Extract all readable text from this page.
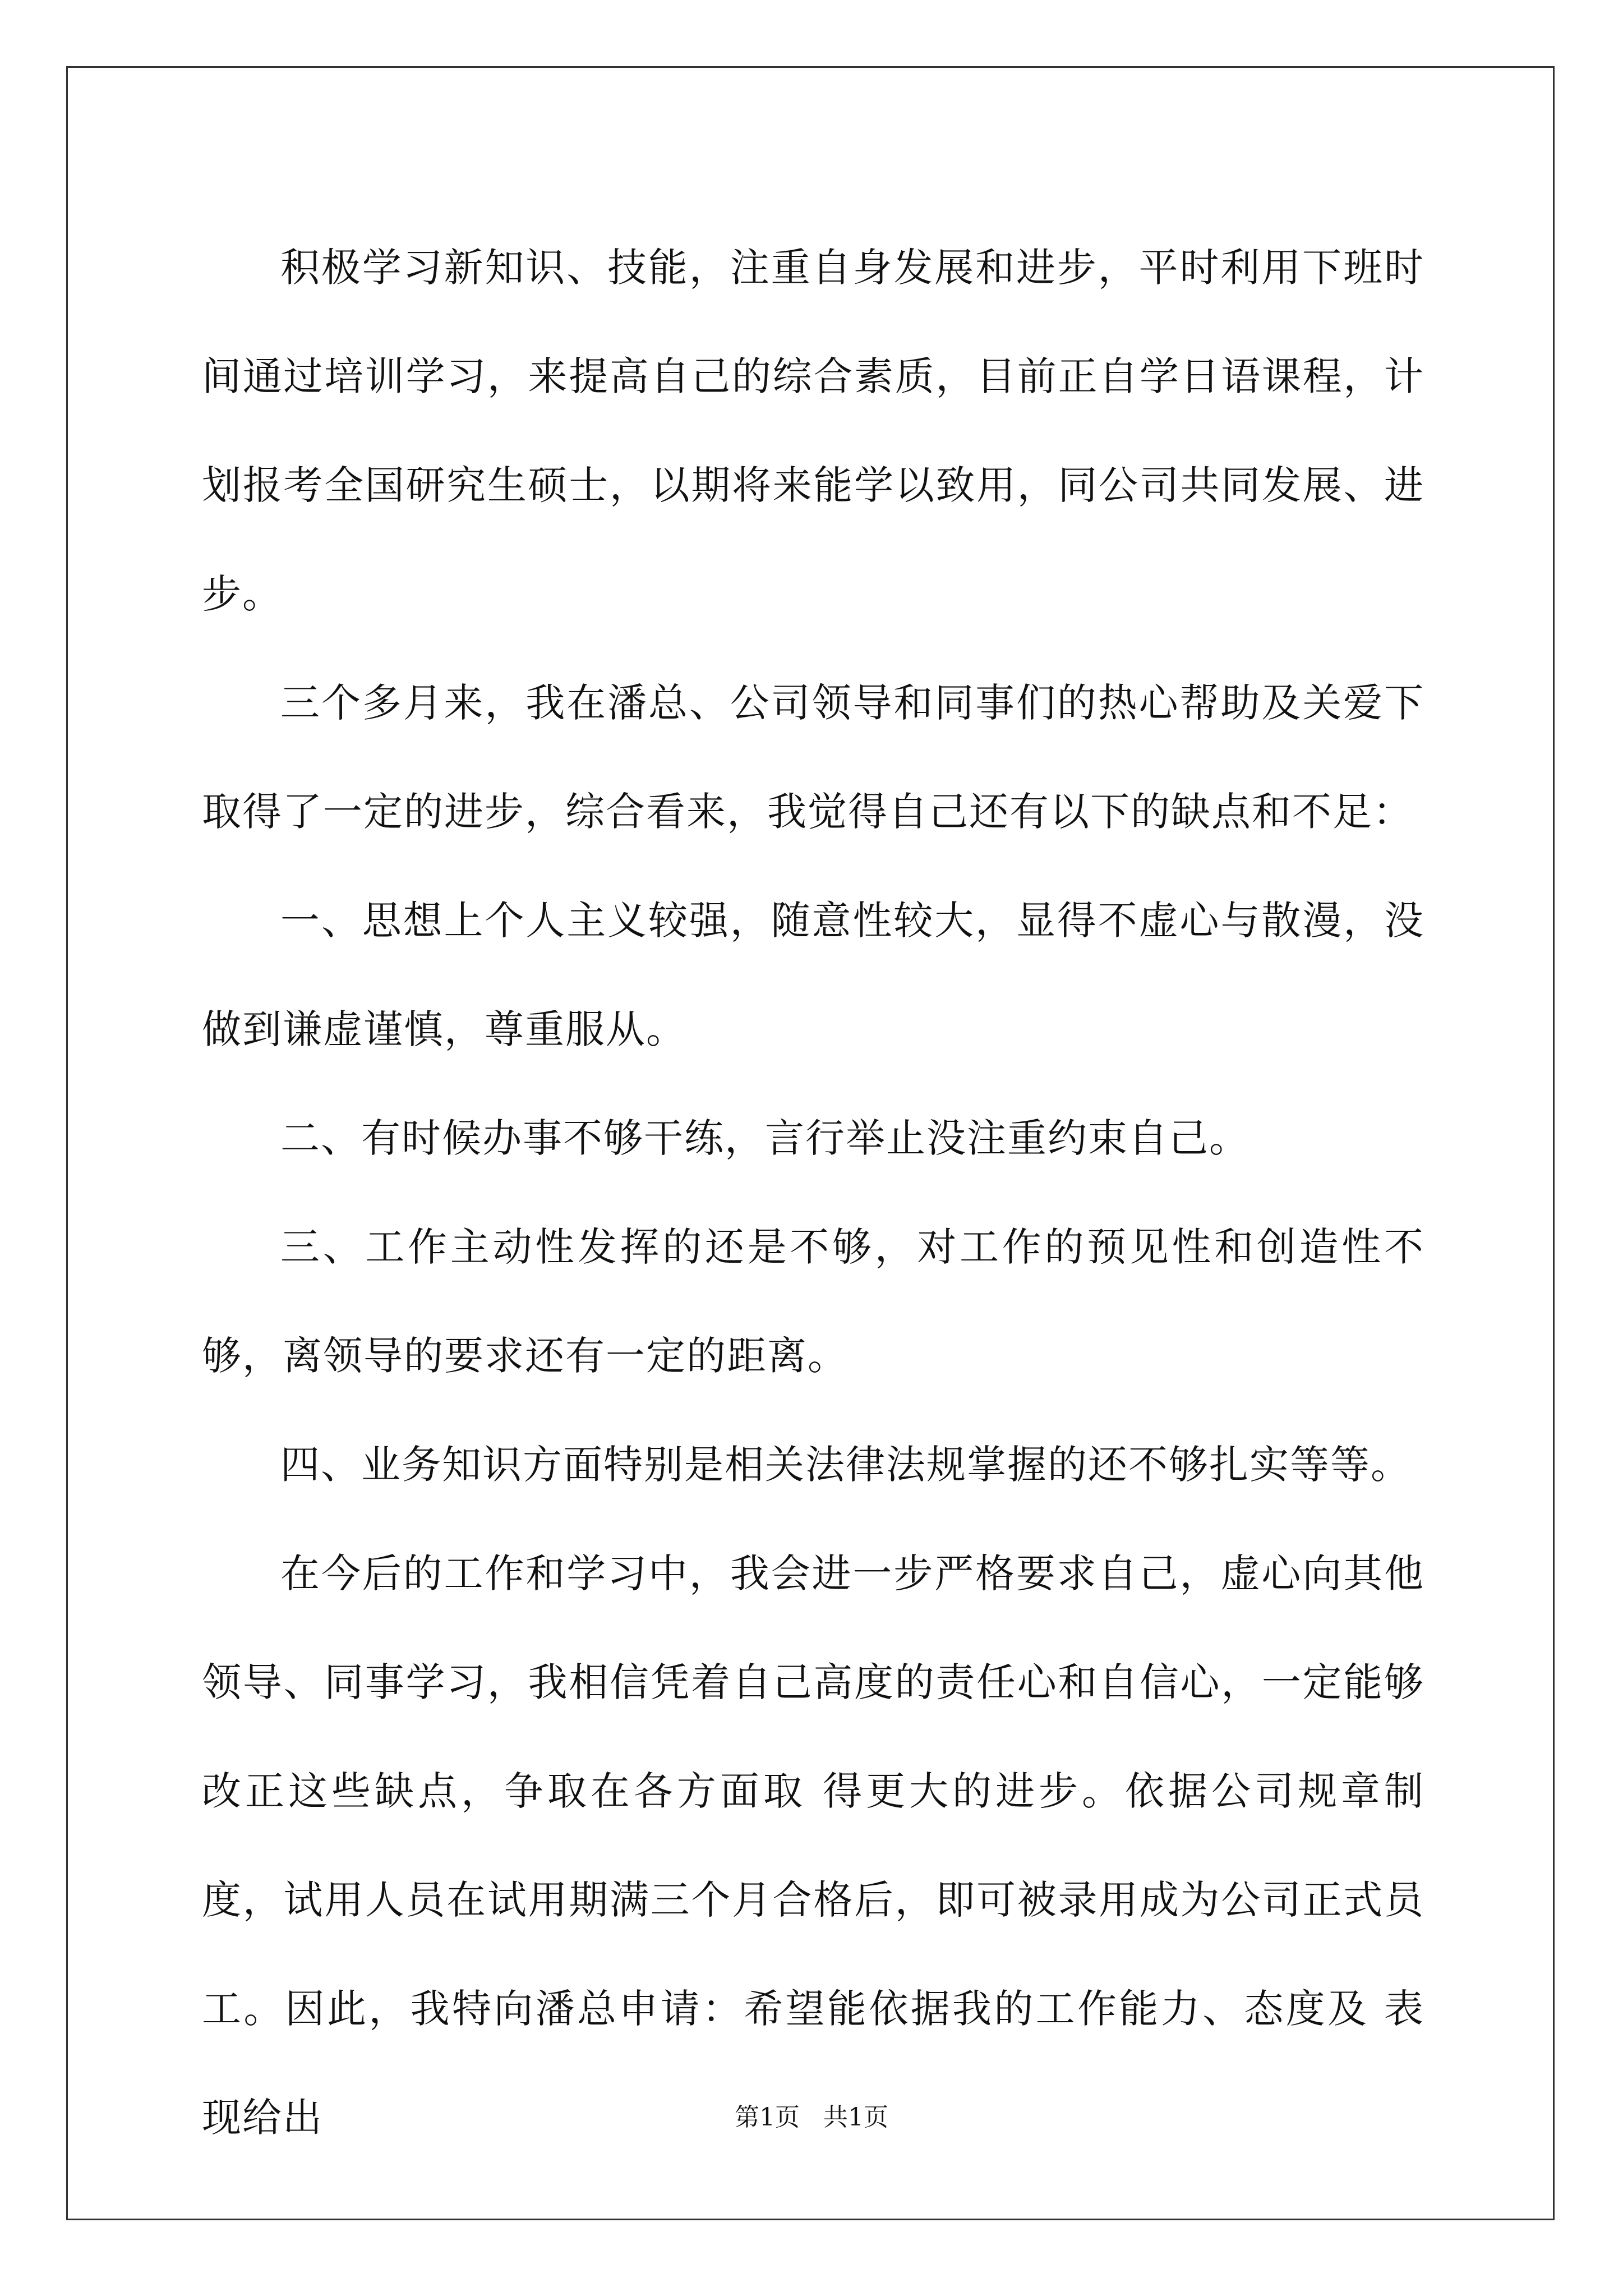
积极学习新知识、技能，注重自身发展和进步，平时利用下班时间通过培训学习，来提高自己的综合素质，目前正自学日语课程，计划报考全国研究生硕士，以期将来能学以致用，同公司共同发展、进步。

三个多月来，我在潘总、公司领导和同事们的热心帮助及关爱下取得了一定的进步，综合看来，我觉得自己还有以下的缺点和不足：

一、思想上个人主义较强，随意性较大，显得不虚心与散漫，没做到谦虚谨慎，尊重服从。

二、有时候办事不够干练，言行举止没注重约束自己。

三、工作主动性发挥的还是不够，对工作的预见性和创造性不够，离领导的要求还有一定的距离。

四、业务知识方面特别是相关法律法规掌握的还不够扎实等等。

在今后的工作和学习中，我会进一步严格要求自己，虚心向其他领导、同事学习，我相信凭着自己高度的责任心和自信心，一定能够改正这些缺点，争取在各方面取 得更大的进步。依据公司规章制度，试用人员在试用期满三个月合格后，即可被录用成为公司正式员工。因此，我特向潘总申请：希望能依据我的工作能力、态度及 表现给出	第1页 共1页
